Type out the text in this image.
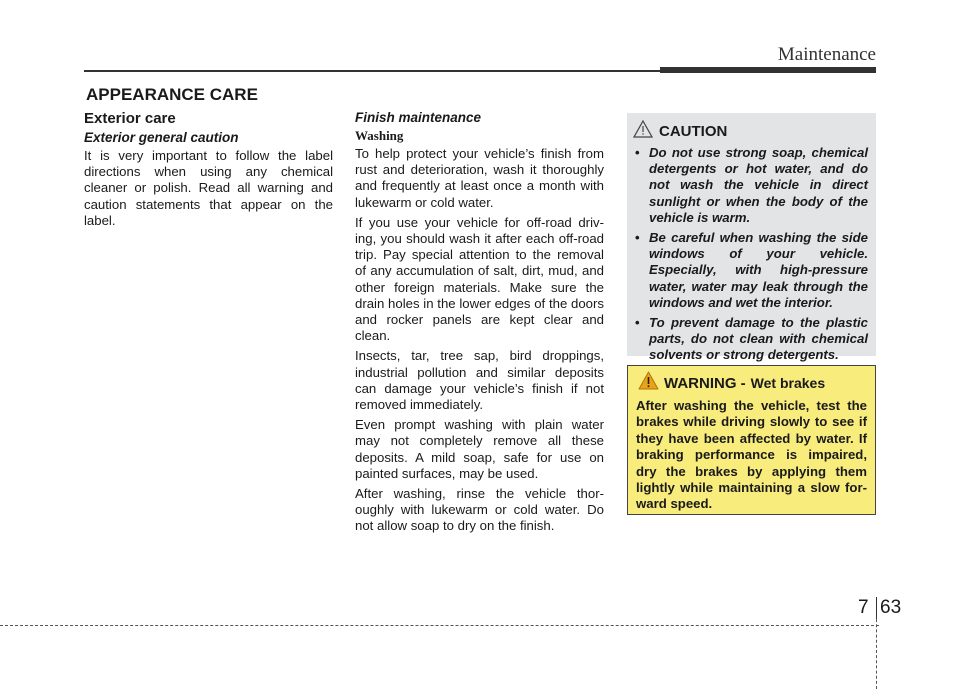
Maintenance
APPEARANCE CARE
Exterior care
Exterior general caution

It is very important to follow the label directions when using any chemical cleaner or polish. Read all warning and caution statements that appear on the label.

Finish maintenance
Washing

To help protect your vehicle’s finish from rust and deterioration, wash it thoroughly and frequently at least once a month with lukewarm or cold water.

If you use your vehicle for off-road driv-ing, you should wash it after each off-road trip. Pay special attention to the removal of any accumulation of salt, dirt, mud, and other foreign materials. Make sure the drain holes in the lower edges of the doors and rocker panels are kept clear and clean.

Insects, tar, tree sap, bird droppings, industrial pollution and similar deposits can damage your vehicle’s finish if not removed immediately.

Even prompt washing with plain water may not completely remove all these deposits. A mild soap, safe for use on painted surfaces, may be used.

After washing, rinse the vehicle thor-oughly with lukewarm or cold water. Do not allow soap to dry on the finish.

CAUTION
• Do not use strong soap, chemical detergents or hot water, and do not wash the vehicle in direct sunlight or when the body of the vehicle is warm.
• Be careful when washing the side windows of your vehicle. Especially, with high-pressure water, water may leak through the windows and wet the interior.
• To prevent damage to the plastic parts, do not clean with chemical solvents or strong detergents.
WARNING - Wet brakes

After washing the vehicle, test the brakes while driving slowly to see if they have been affected by water. If braking performance is impaired, dry the brakes by applying them lightly while maintaining a slow for-ward speed.

7 63
